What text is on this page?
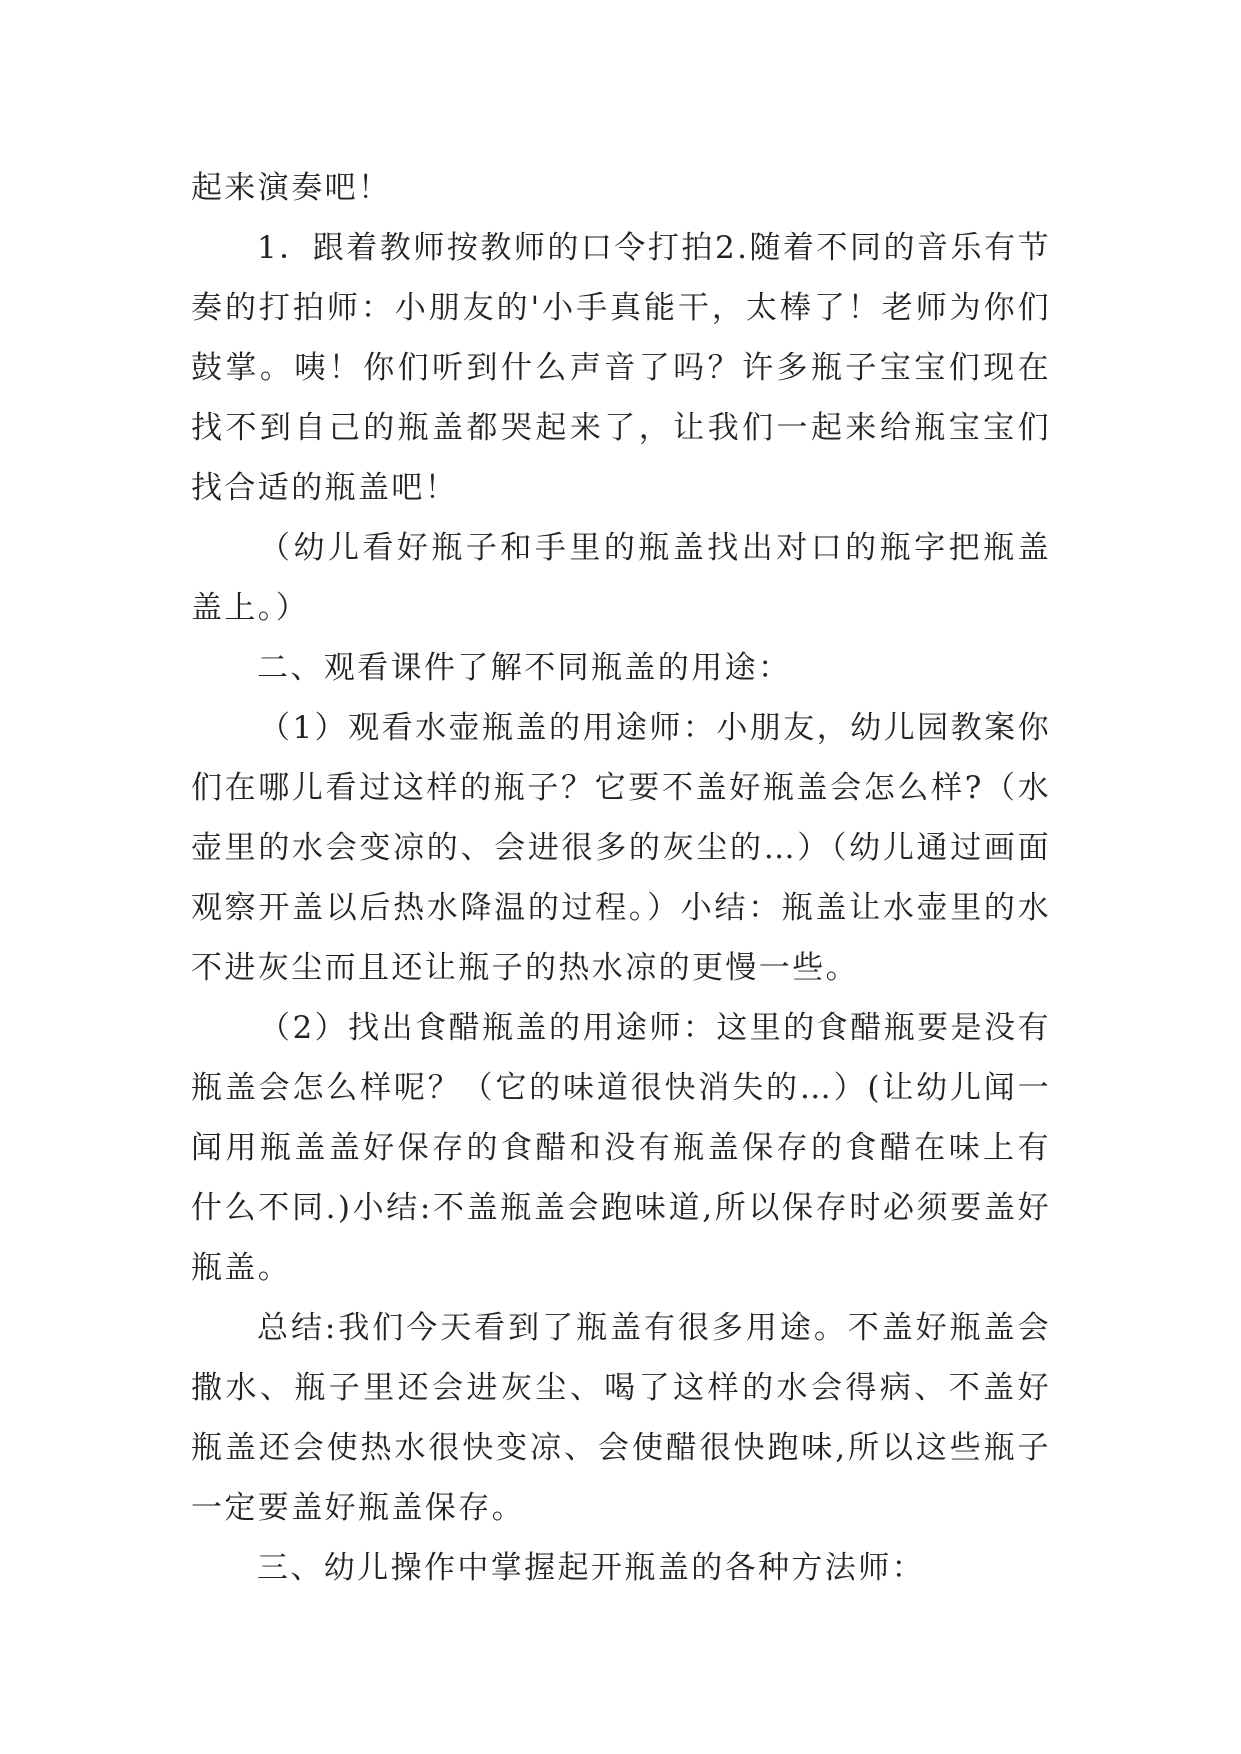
起来演奏吧！

1．跟着教师按教师的口令打拍2.随着不同的音乐有节奏的打拍师：小朋友的'小手真能干，太棒了！老师为你们鼓掌。咦！你们听到什么声音了吗？许多瓶子宝宝们现在找不到自己的瓶盖都哭起来了，让我们一起来给瓶宝宝们找合适的瓶盖吧！

（幼儿看好瓶子和手里的瓶盖找出对口的瓶字把瓶盖盖上。）

二、观看课件了解不同瓶盖的用途：

（1）观看水壶瓶盖的用途师：小朋友，幼儿园教案你们在哪儿看过这样的瓶子？它要不盖好瓶盖会怎么样?（水壶里的水会变凉的、会进很多的灰尘的…）（幼儿通过画面观察开盖以后热水降温的过程。）小结：瓶盖让水壶里的水不进灰尘而且还让瓶子的热水凉的更慢一些。

（2）找出食醋瓶盖的用途师：这里的食醋瓶要是没有瓶盖会怎么样呢？（它的味道很快消失的…）(让幼儿闻一闻用瓶盖盖好保存的食醋和没有瓶盖保存的食醋在味上有什么不同.)小结:不盖瓶盖会跑味道,所以保存时必须要盖好瓶盖。

总结:我们今天看到了瓶盖有很多用途。不盖好瓶盖会撒水、瓶子里还会进灰尘、喝了这样的水会得病、不盖好瓶盖还会使热水很快变凉、会使醋很快跑味,所以这些瓶子一定要盖好瓶盖保存。

三、幼儿操作中掌握起开瓶盖的各种方法师：
